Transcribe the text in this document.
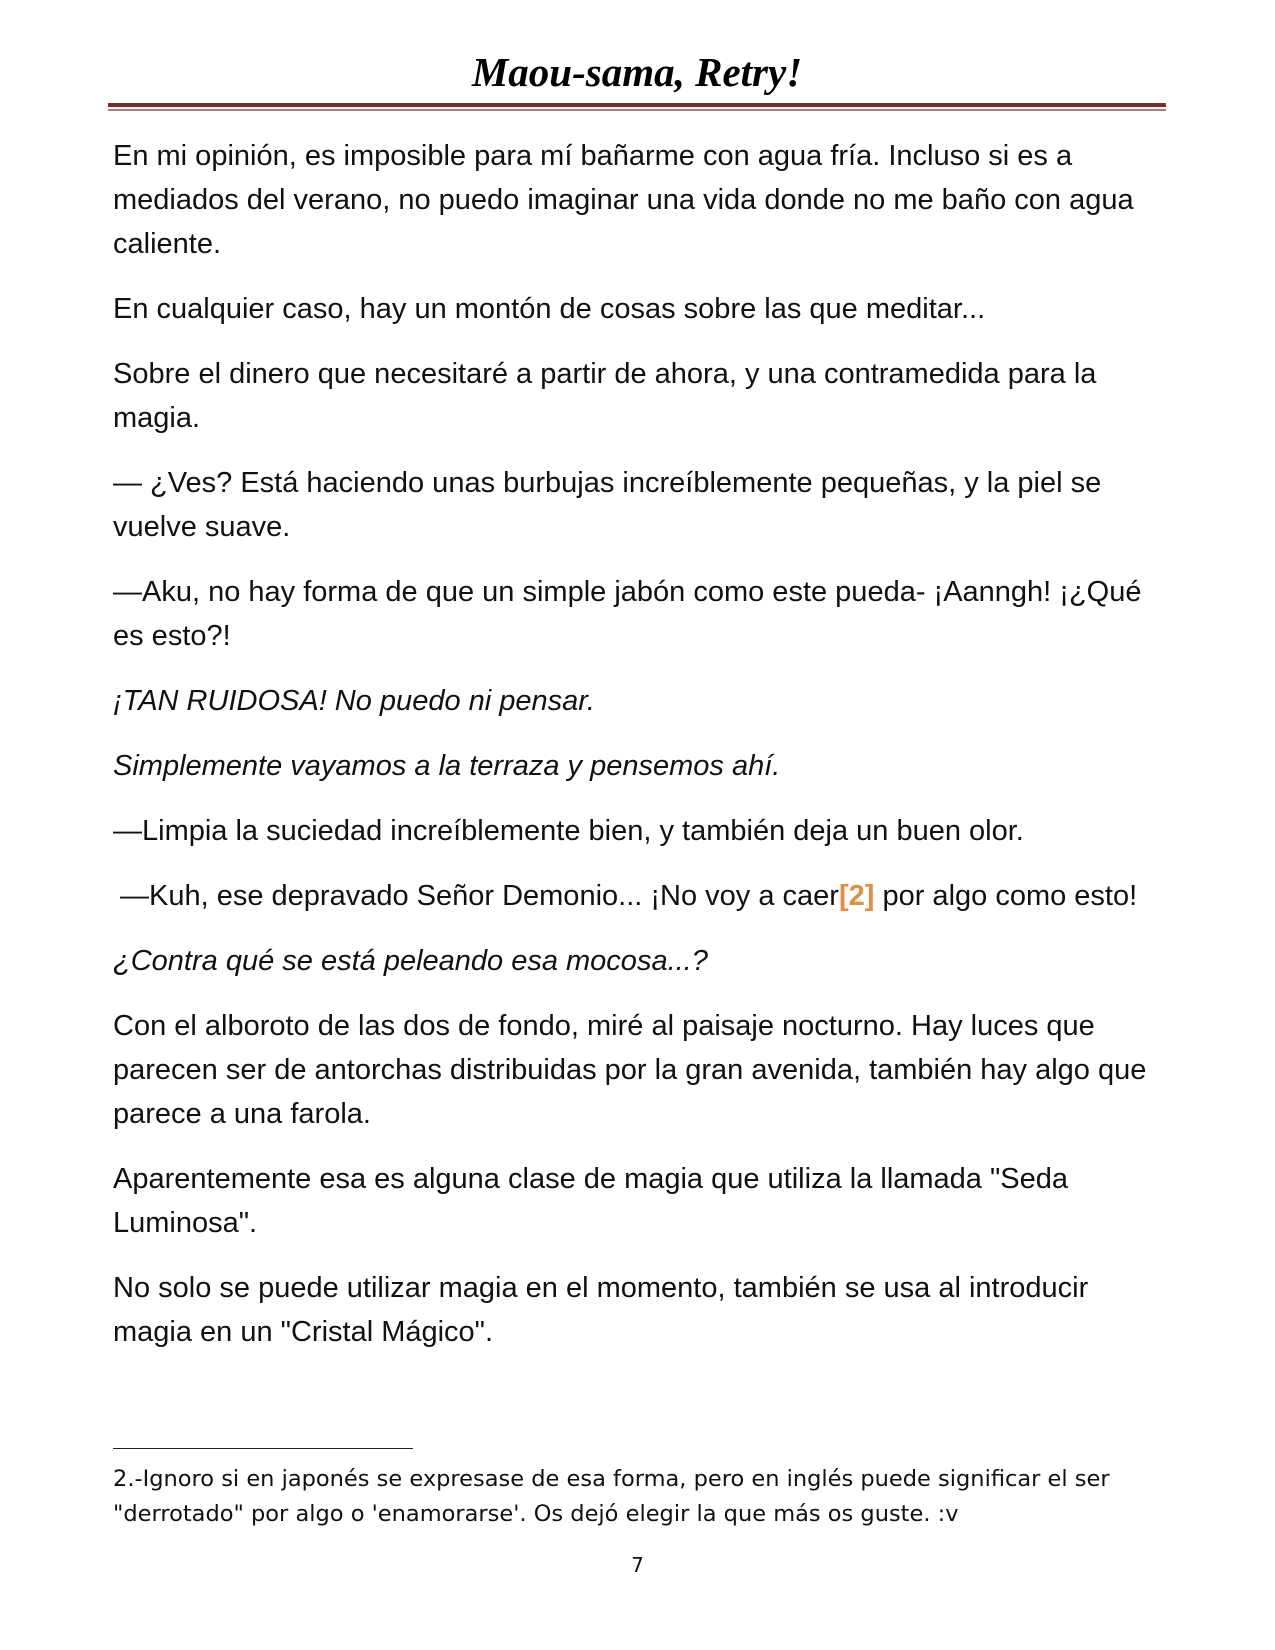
Maou-sama, Retry!

En mi opinión, es imposible para mí bañarme con agua fría. Incluso si es a mediados del verano, no puedo imaginar una vida donde no me baño con agua caliente.

En cualquier caso, hay un montón de cosas sobre las que meditar...

Sobre el dinero que necesitaré a partir de ahora, y una contramedida para la magia.

— ¿Ves? Está haciendo unas burbujas increíblemente pequeñas, y la piel se vuelve suave.

—Aku, no hay forma de que un simple jabón como este pueda- ¡Aanngh! ¡¿Qué es esto?!

¡TAN RUIDOSA! No puedo ni pensar.

Simplemente vayamos a la terraza y pensemos ahí.

—Limpia la suciedad increíblemente bien, y también deja un buen olor.

—Kuh, ese depravado Señor Demonio... ¡No voy a caer[2] por algo como esto!

¿Contra qué se está peleando esa mocosa...?

Con el alboroto de las dos de fondo, miré al paisaje nocturno. Hay luces que parecen ser de antorchas distribuidas por la gran avenida, también hay algo que parece a una farola.

Aparentemente esa es alguna clase de magia que utiliza la llamada "Seda Luminosa".

No solo se puede utilizar magia en el momento, también se usa al introducir magia en un "Cristal Mágico".

2.-Ignoro si en japonés se expresase de esa forma, pero en inglés puede significar el ser "derrotado" por algo o 'enamorarse'. Os dejó elegir la que más os guste. :v

7
